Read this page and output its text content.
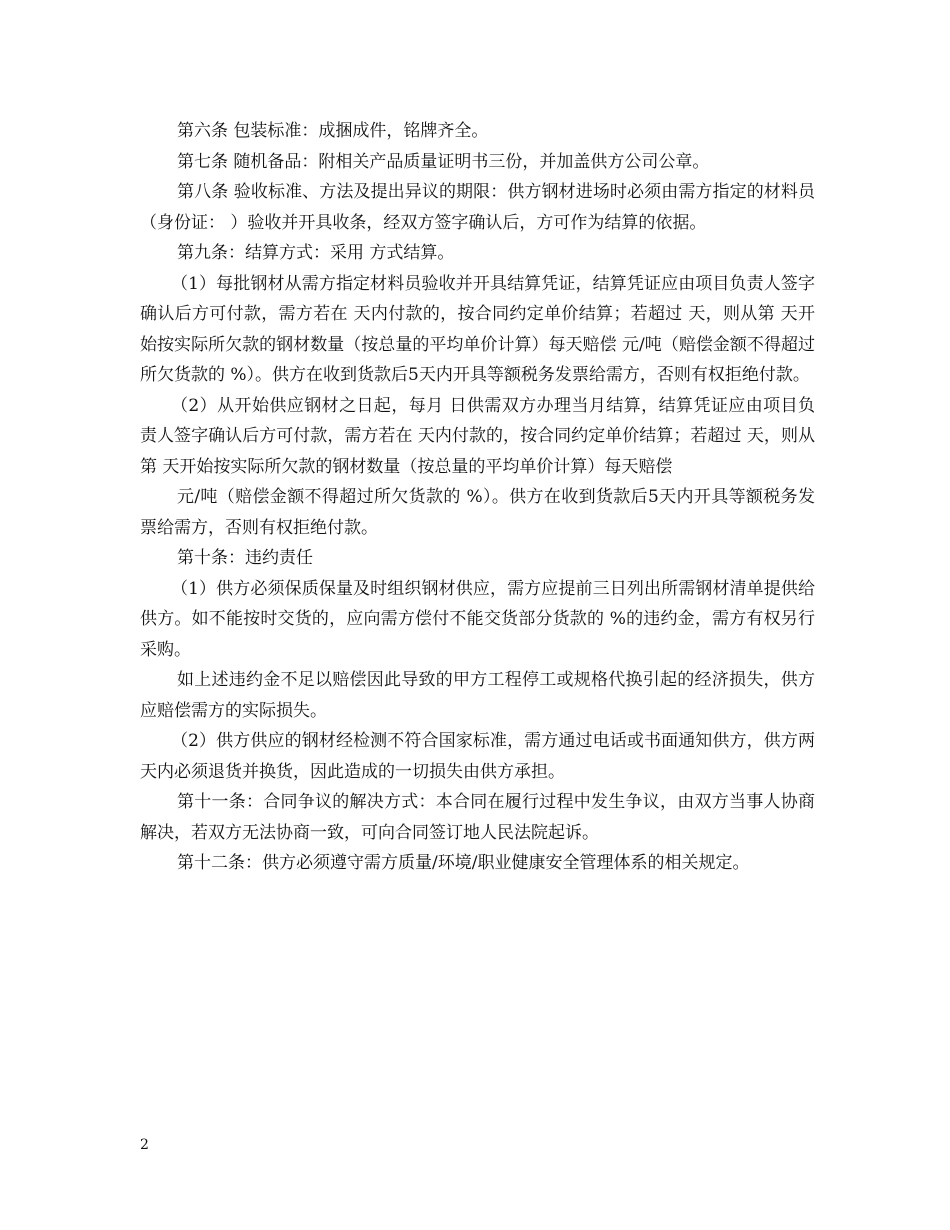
第六条 包装标准：成捆成件，铭牌齐全。

第七条 随机备品：附相关产品质量证明书三份，并加盖供方公司公章。

第八条 验收标准、方法及提出异议的期限：供方钢材进场时必须由需方指定的材料员 （身份证： ）验收并开具收条，经双方签字确认后，方可作为结算的依据。

第九条：结算方式：采用 方式结算。

（1）每批钢材从需方指定材料员验收并开具结算凭证，结算凭证应由项目负责人签字确认后方可付款，需方若在 天内付款的，按合同约定单价结算；若超过 天，则从第 天开始按实际所欠款的钢材数量（按总量的平均单价计算）每天赔偿 元/吨（赔偿金额不得超过所欠货款的 %）。供方在收到货款后5天内开具等额税务发票给需方，否则有权拒绝付款。

（2）从开始供应钢材之日起，每月 日供需双方办理当月结算，结算凭证应由项目负责人签字确认后方可付款，需方若在 天内付款的，按合同约定单价结算；若超过 天，则从第 天开始按实际所欠款的钢材数量（按总量的平均单价计算）每天赔偿

元/吨（赔偿金额不得超过所欠货款的 %）。供方在收到货款后5天内开具等额税务发票给需方，否则有权拒绝付款。

第十条：违约责任

（1）供方必须保质保量及时组织钢材供应，需方应提前三日列出所需钢材清单提供给供方。如不能按时交货的，应向需方偿付不能交货部分货款的 %的违约金，需方有权另行采购。

如上述违约金不足以赔偿因此导致的甲方工程停工或规格代换引起的经济损失，供方应赔偿需方的实际损失。

（2）供方供应的钢材经检测不符合国家标准，需方通过电话或书面通知供方，供方两天内必须退货并换货，因此造成的一切损失由供方承担。

第十一条：合同争议的解决方式：本合同在履行过程中发生争议，由双方当事人协商解决，若双方无法协商一致，可向合同签订地人民法院起诉。

第十二条：供方必须遵守需方质量/环境/职业健康安全管理体系的相关规定。

2
